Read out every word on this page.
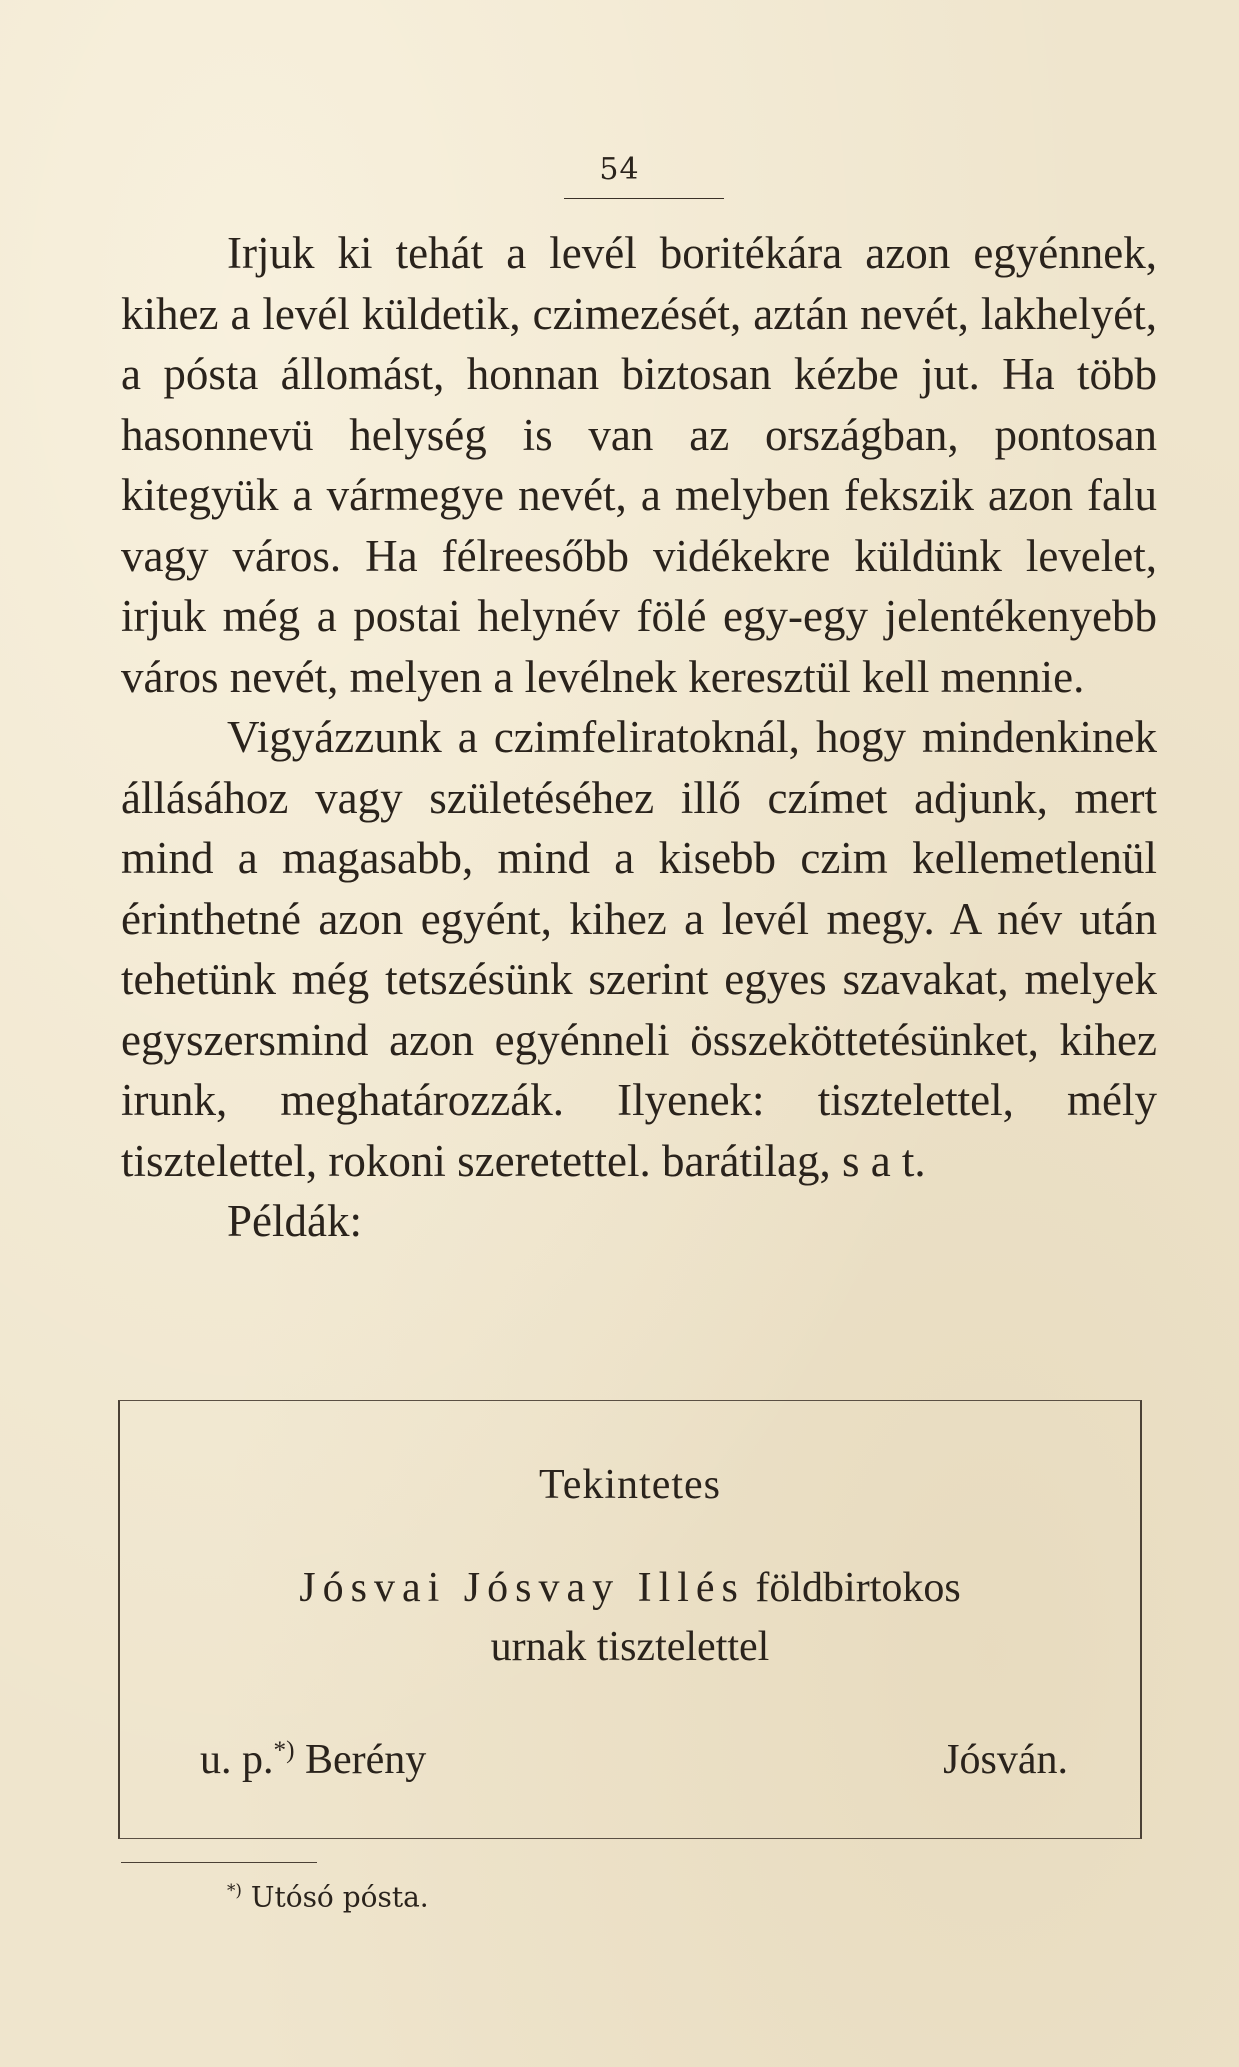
54

Irjuk ki tehát a levél boritékára azon egyénnek, kihez a levél küldetik, czimezését, aztán nevét, lakhelyét, a pósta állomást, honnan biztosan kézbe jut. Ha több hasonnevü helység is van az országban, pontosan kitegyük a vármegye nevét, a melyben fekszik azon falu vagy város. Ha félreesőbb vidékekre küldünk levelet, irjuk még a postai helynév fölé egy-egy jelentékenyebb város nevét, melyen a levélnek keresztül kell mennie.

Vigyázzunk a czimfeliratoknál, hogy mindenkinek állásához vagy születéséhez illő czímet adjunk, mert mind a magasabb, mind a kisebb czim kellemetlenül érinthetné azon egyént, kihez a levél megy. A név után tehetünk még tetszésünk szerint egyes szavakat, melyek egyszersmind azon egyénneli összeköttetésünket, kihez irunk, meghatározzák. Ilyenek: tisztelettel, mély tisztelettel, rokoni szeretettel. barátilag, s a t.

Példák:

Tekintetes
Jósvai Jósvay Illés földbirtokos
urnak tisztelettel
u. p.*) Berény	Jósván.
*) Utósó pósta.
